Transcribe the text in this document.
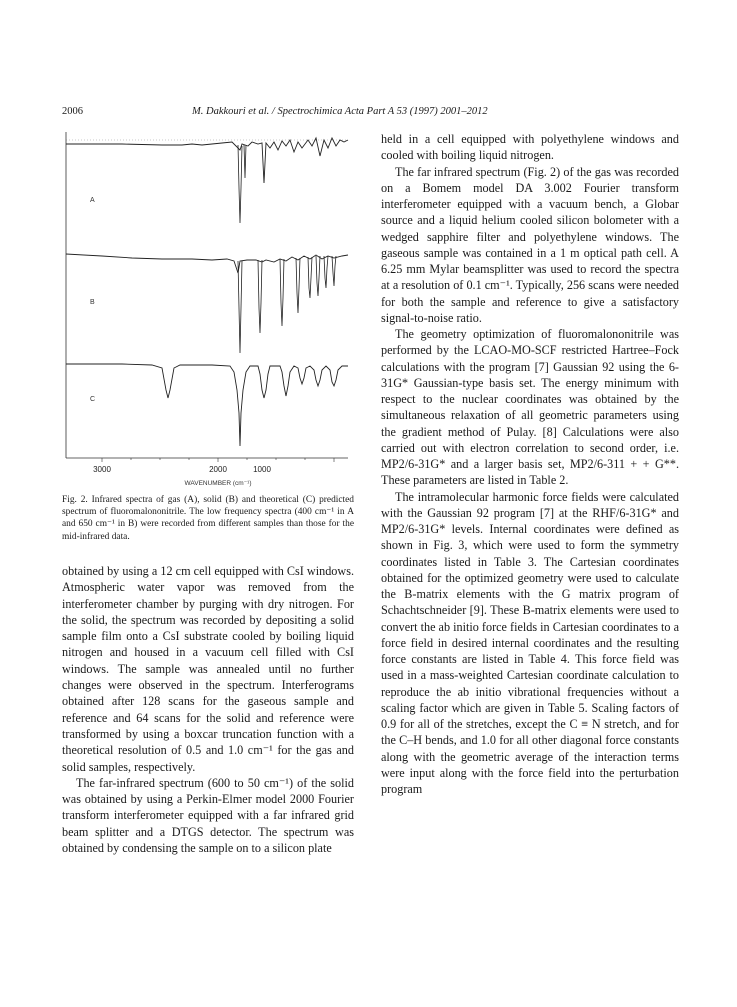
2006	M. Dakkouri et al. / Spectrochimica Acta Part A 53 (1997) 2001–2012
A
B
C
3000	2000	1000
WAVENUMBER (cm⁻¹)
Fig. 2. Infrared spectra of gas (A), solid (B) and theoretical (C) predicted spectrum of fluoromalononitrile. The low frequency spectra (400 cm⁻¹ in A and 650 cm⁻¹ in B) were recorded from different samples than those for the mid-infrared data.

obtained by using a 12 cm cell equipped with CsI windows. Atmospheric water vapor was removed from the interferometer chamber by purging with dry nitrogen. For the solid, the spectrum was recorded by depositing a solid sample film onto a CsI substrate cooled by boiling liquid nitrogen and housed in a vacuum cell filled with CsI windows. The sample was annealed until no further changes were observed in the spectrum. Interferograms obtained after 128 scans for the gaseous sample and reference and 64 scans for the solid and reference were transformed by using a boxcar truncation function with a theoretical resolution of 0.5 and 1.0 cm⁻¹ for the gas and solid samples, respectively.

The far-infrared spectrum (600 to 50 cm⁻¹) of the solid was obtained by using a Perkin-Elmer model 2000 Fourier transform interferometer equipped with a far infrared grid beam splitter and a DTGS detector. The spectrum was obtained by condensing the sample on to a silicon plate

held in a cell equipped with polyethylene windows and cooled with boiling liquid nitrogen.

The far infrared spectrum (Fig. 2) of the gas was recorded on a Bomem model DA 3.002 Fourier transform interferometer equipped with a vacuum bench, a Globar source and a liquid helium cooled silicon bolometer with a wedged sapphire filter and polyethylene windows. The gaseous sample was contained in a 1 m optical path cell. A 6.25 mm Mylar beamsplitter was used to record the spectra at a resolution of 0.1 cm⁻¹. Typically, 256 scans were needed for both the sample and reference to give a satisfactory signal-to-noise ratio.

The geometry optimization of fluoromalononitrile was performed by the LCAO-MO-SCF restricted Hartree–Fock calculations with the program [7] Gaussian 92 using the 6-31G* Gaussian-type basis set. The energy minimum with respect to the nuclear coordinates was obtained by the simultaneous relaxation of all geometric parameters using the gradient method of Pulay. [8] Calculations were also carried out with electron correlation to second order, i.e. MP2/6-31G* and a larger basis set, MP2/6-311 + + G**. These parameters are listed in Table 2.

The intramolecular harmonic force fields were calculated with the Gaussian 92 program [7] at the RHF/6-31G* and MP2/6-31G* levels. Internal coordinates were defined as shown in Fig. 3, which were used to form the symmetry coordinates listed in Table 3. The Cartesian coordinates obtained for the optimized geometry were used to calculate the B-matrix elements with the G matrix program of Schachtschneider [9]. These B-matrix elements were used to convert the ab initio force fields in Cartesian coordinates to a force field in desired internal coordinates and the resulting force constants are listed in Table 4. This force field was used in a mass-weighted Cartesian coordinate calculation to reproduce the ab initio vibrational frequencies without a scaling factor which are given in Table 5. Scaling factors of 0.9 for all of the stretches, except the C ≡ N stretch, and for the C–H bends, and 1.0 for all other diagonal force constants along with the geometric average of the interaction terms were input along with the force field into the perturbation program
